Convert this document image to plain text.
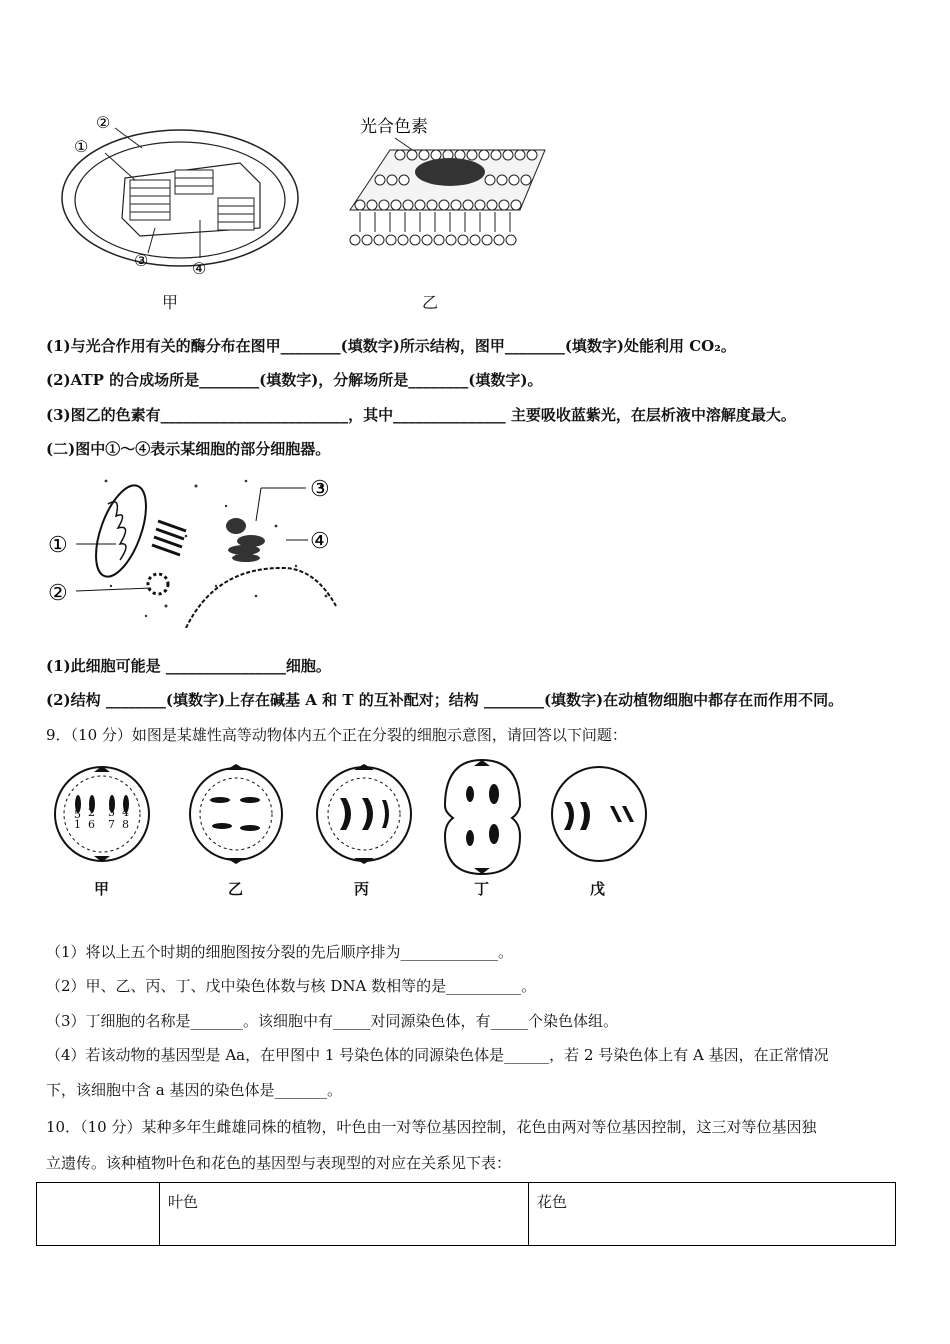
①
②
③	④
甲
光合色素
乙
(1)与光合作用有关的酶分布在图甲________(填数字)所示结构，图甲________(填数字)处能利用 CO₂。
(2)ATP 的合成场所是________(填数字)，分解场所是________(填数字)。
(3)图乙的色素有_________________________，其中_______________ 主要吸收蓝紫光，在层析液中溶解度最大。
(二)图中①～④表示某细胞的部分细胞器。
①
②
③
④
(1)此细胞可能是 ________________细胞。
(2)结构 ________(填数字)上存在碱基 A 和 T 的互补配对；结构 ________(填数字)在动植物细胞中都存在而作用不同。
9．（10 分）如图是某雄性高等动物体内五个正在分裂的细胞示意图，请回答以下问题：
1
2 3 4
5
6 7 8
甲	乙	丙	丁	戊
（1）将以上五个时期的细胞图按分裂的先后顺序排为_____________。
（2）甲、乙、丙、丁、戊中染色体数与核 DNA 数相等的是__________。
（3）丁细胞的名称是_______。该细胞中有_____对同源染色体，有_____个染色体组。
（4）若该动物的基因型是 Aa，在甲图中 1 号染色体的同源染色体是______，若 2 号染色体上有 A 基因，在正常情况
下，该细胞中含 a 基因的染色体是_______。
10．（10 分）某种多年生雌雄同株的植物，叶色由一对等位基因控制，花色由两对等位基因控制，这三对等位基因独
立遗传。该种植物叶色和花色的基因型与表现型的对应在关系见下表：
	叶色	花色
